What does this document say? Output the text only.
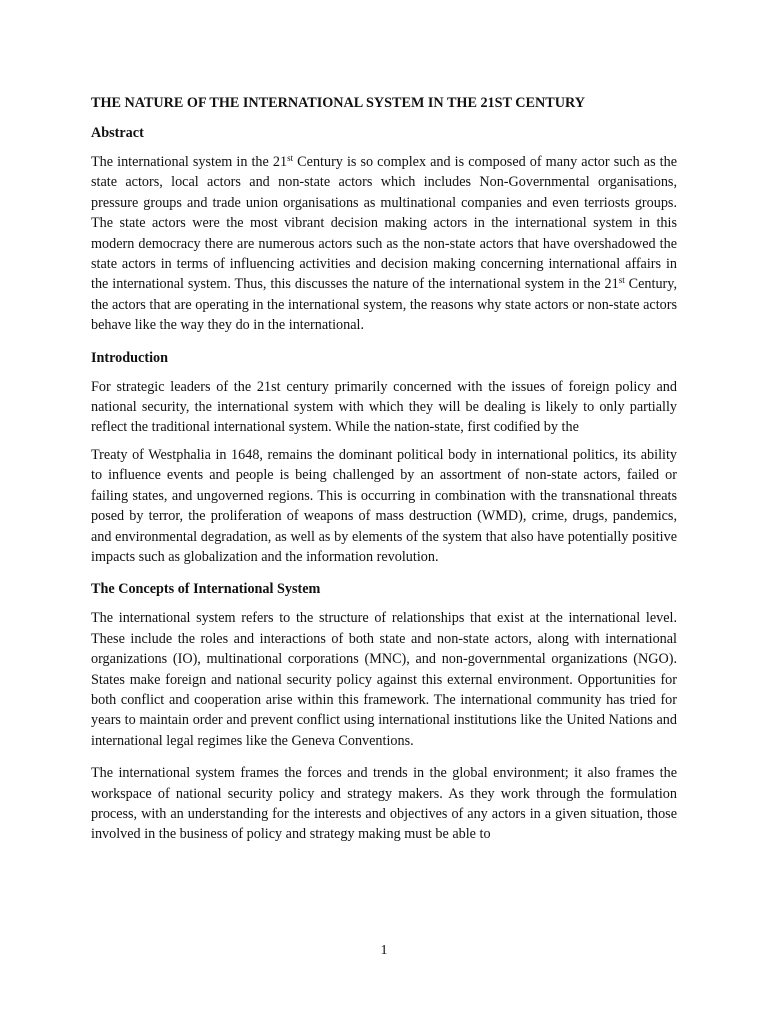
THE NATURE OF THE INTERNATIONAL SYSTEM IN THE 21ST CENTURY
Abstract

The international system in the 21st Century is so complex and is composed of many actor such as the state actors, local actors and non-state actors which includes Non-Governmental organisations, pressure groups and trade union organisations as multinational companies and even terriosts groups. The state actors were the most vibrant decision making actors in the international system in this modern democracy there are numerous actors such as the non-state actors that have overshadowed the state actors in terms of influencing activities and decision making concerning international affairs in the international system. Thus, this discusses the nature of the international system in the 21st Century, the actors that are operating in the international system, the reasons why state actors or non-state actors behave like the way they do in the international.

Introduction

For strategic leaders of the 21st century primarily concerned with the issues of foreign policy and national security, the international system with which they will be dealing is likely to only partially reflect the traditional international system. While the nation-state, first codified by the

Treaty of Westphalia in 1648, remains the dominant political body in international politics, its ability to influence events and people is being challenged by an assortment of non-state actors, failed or failing states, and ungoverned regions. This is occurring in combination with the transnational threats posed by terror, the proliferation of weapons of mass destruction (WMD), crime, drugs, pandemics, and environmental degradation, as well as by elements of the system that also have potentially positive impacts such as globalization and the information revolution.

The Concepts of International System

The international system refers to the structure of relationships that exist at the international level. These include the roles and interactions of both state and non-state actors, along with international organizations (IO), multinational corporations (MNC), and non-governmental organizations (NGO). States make foreign and national security policy against this external environment. Opportunities for both conflict and cooperation arise within this framework. The international community has tried for years to maintain order and prevent conflict using international institutions like the United Nations and international legal regimes like the Geneva Conventions.

The international system frames the forces and trends in the global environment; it also frames the workspace of national security policy and strategy makers. As they work through the formulation process, with an understanding for the interests and objectives of any actors in a given situation, those involved in the business of policy and strategy making must be able to

1
